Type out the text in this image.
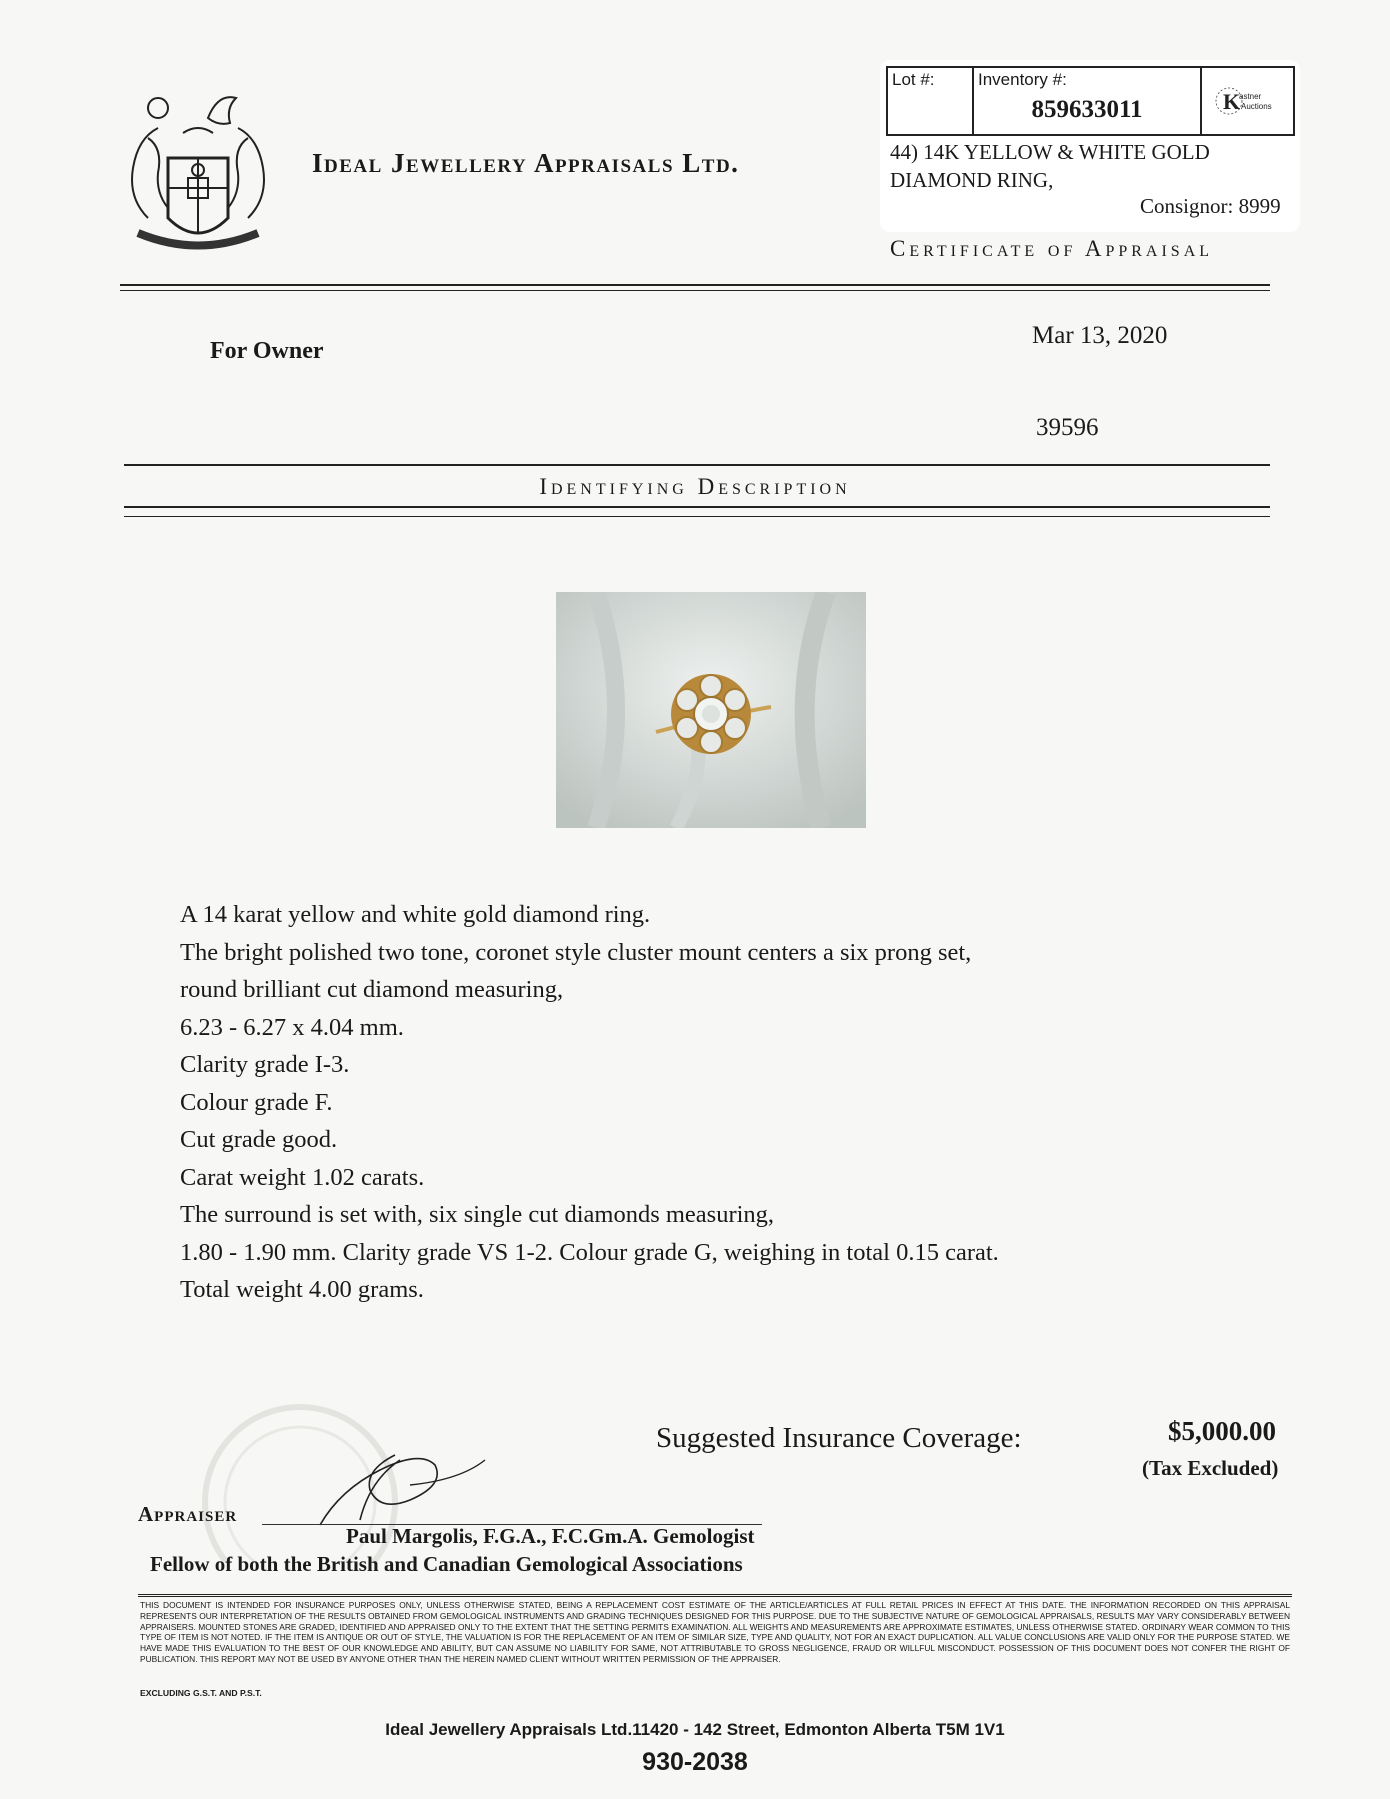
Ideal Jewellery Appraisals Ltd.
Lot #:	Inventory #:
859633011	K
astner
Auctions
44) 14K YELLOW & WHITE GOLD
DIAMOND RING,
Consignor: 8999
Certificate of Appraisal
For Owner
Mar 13, 2020
39596
Identifying Description
A 14 karat yellow and white gold diamond ring.
The bright polished two tone, coronet style cluster mount centers a six prong set,
round brilliant cut diamond measuring,
6.23 - 6.27 x 4.04 mm.
Clarity grade I-3.
Colour grade F.
Cut grade good.
Carat weight 1.02 carats.
The surround is set with, six single cut diamonds measuring,
1.80 - 1.90 mm. Clarity grade VS 1-2. Colour grade G, weighing in total 0.15 carat.
Total weight 4.00 grams.
Suggested Insurance Coverage:	$5,000.00
(Tax Excluded)
Appraiser
Paul Margolis, F.G.A., F.C.Gm.A. Gemologist
Fellow of both the British and Canadian Gemological Associations
THIS DOCUMENT IS INTENDED FOR INSURANCE PURPOSES ONLY, UNLESS OTHERWISE STATED, BEING A REPLACEMENT COST ESTIMATE OF THE ARTICLE/ARTICLES AT FULL RETAIL PRICES IN EFFECT AT THIS DATE. THE INFORMATION RECORDED ON THIS APPRAISAL REPRESENTS OUR INTERPRETATION OF THE RESULTS OBTAINED FROM GEMOLOGICAL INSTRUMENTS AND GRADING TECHNIQUES DESIGNED FOR THIS PURPOSE. DUE TO THE SUBJECTIVE NATURE OF GEMOLOGICAL APPRAISALS, RESULTS MAY VARY CONSIDERABLY BETWEEN APPRAISERS. MOUNTED STONES ARE GRADED, IDENTIFIED AND APPRAISED ONLY TO THE EXTENT THAT THE SETTING PERMITS EXAMINATION. ALL WEIGHTS AND MEASUREMENTS ARE APPROXIMATE ESTIMATES, UNLESS OTHERWISE STATED. ORDINARY WEAR COMMON TO THIS TYPE OF ITEM IS NOT NOTED. IF THE ITEM IS ANTIQUE OR OUT OF STYLE, THE VALUATION IS FOR THE REPLACEMENT OF AN ITEM OF SIMILAR SIZE, TYPE AND QUALITY, NOT FOR AN EXACT DUPLICATION. ALL VALUE CONCLUSIONS ARE VALID ONLY FOR THE PURPOSE STATED. WE HAVE MADE THIS EVALUATION TO THE BEST OF OUR KNOWLEDGE AND ABILITY, BUT CAN ASSUME NO LIABILITY FOR SAME, NOT ATTRIBUTABLE TO GROSS NEGLIGENCE, FRAUD OR WILLFUL MISCONDUCT. POSSESSION OF THIS DOCUMENT DOES NOT CONFER THE RIGHT OF PUBLICATION. THIS REPORT MAY NOT BE USED BY ANYONE OTHER THAN THE HEREIN NAMED CLIENT WITHOUT WRITTEN PERMISSION OF THE APPRAISER.
EXCLUDING G.S.T. AND P.S.T.
Ideal Jewellery Appraisals Ltd.11420 - 142 Street, Edmonton Alberta T5M 1V1
930-2038
